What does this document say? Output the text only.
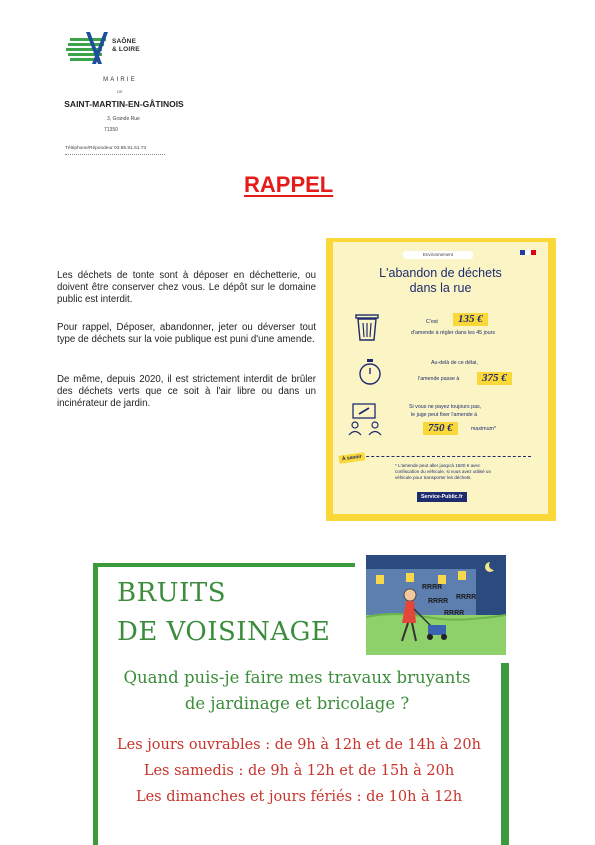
SAÔNE
& LOIRE
MAIRIE
DE
SAINT-MARTIN-EN-GÂTINOIS
3, Grande Rue
71350
Téléphone/Répondeur 03.85.91.51.73
RAPPEL
Les déchets de tonte sont à déposer en déchetterie, ou doivent être conserver chez vous. Le dépôt sur le domaine public est interdit.
Pour rappel, Déposer, abandonner, jeter ou déverser tout type de déchets sur la voie publique est puni d'une amende.
De même, depuis 2020, il est strictement interdit de brûler des déchets verts que ce soit à l'air libre ou dans un incinérateur de jardin.
Environnement
L'abandon de déchets
dans la rue
C'est	135 €
d'amende à régler dans les 45 jours
Au-delà de ce délai,
l'amende passe à	375 €
Si vous ne payez toujours pas,
le juge peut fixer l'amende à
750 €	maximum*
À savoir
* L'amende peut aller jusqu'à 1500 € avec confiscation du véhicule, si vous avez utilisé un véhicule pour transporter les déchets.
Service-Public.fr
BRUITS
DE VOISINAGE
RRRR
RRRR
RRRR
RRRR
Quand puis-je faire mes travaux bruyants
de jardinage et bricolage ?
Les jours ouvrables : de 9h à 12h et de 14h à 20h
Les samedis : de 9h à 12h et de 15h à 20h
Les dimanches et jours fériés : de 10h à 12h
